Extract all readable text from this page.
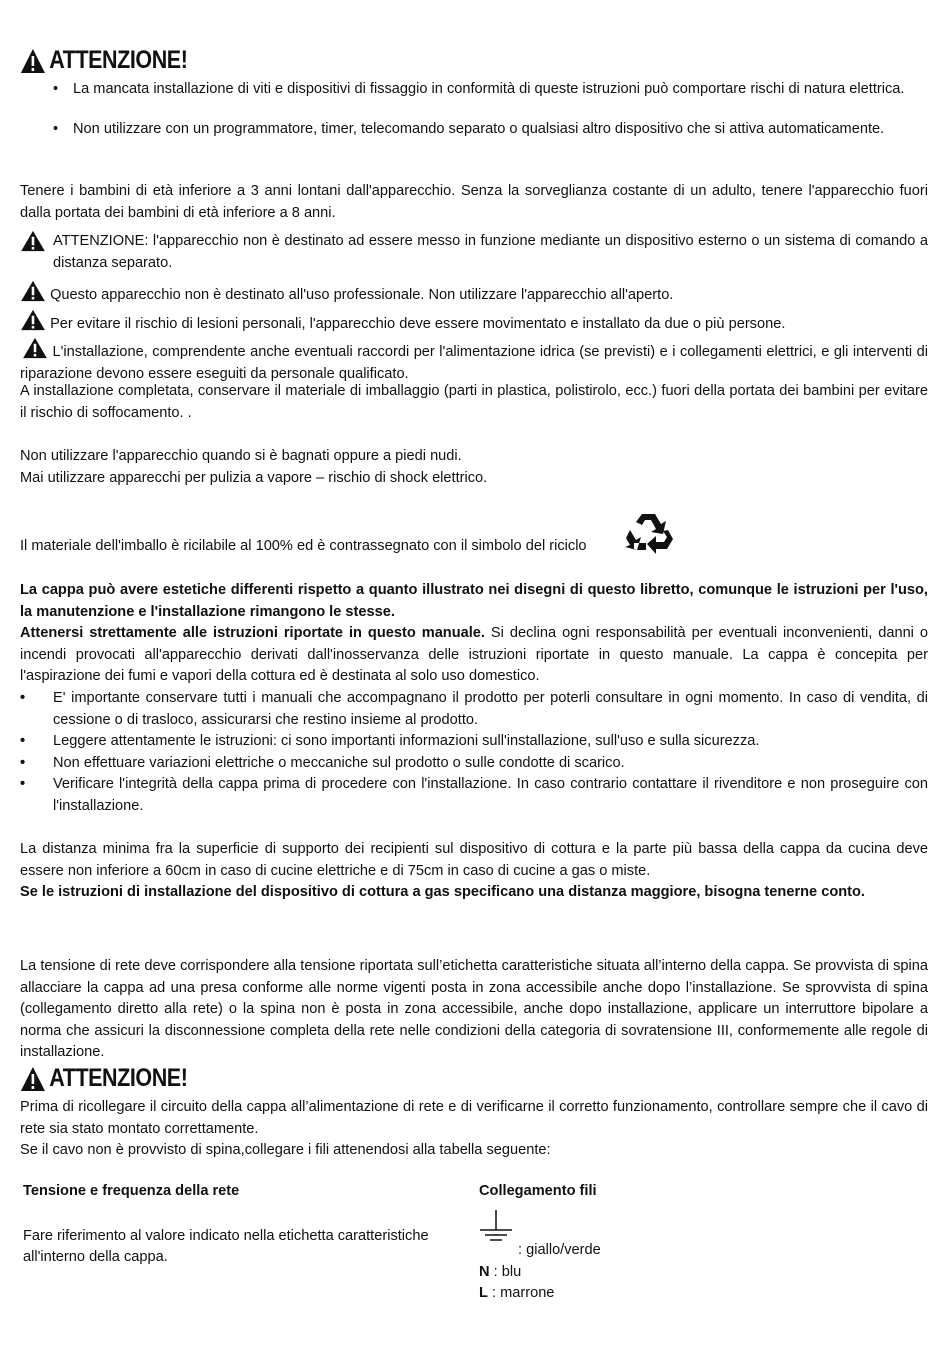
ATTENZIONE!
• La mancata installazione di viti e dispositivi di fissaggio in conformità di queste istruzioni può comportare rischi di natura elettrica.
• Non utilizzare con un programmatore, timer, telecomando separato o qualsiasi altro dispositivo che si attiva automaticamente.

Tenere i bambini di età inferiore a 3 anni lontani dall'apparecchio. Senza la sorveglianza costante di un adulto, tenere l'apparecchio fuori dalla portata dei bambini di età inferiore a 8 anni.

ATTENZIONE: l'apparecchio non è destinato ad essere messo in funzione mediante un dispositivo esterno o un sistema di comando a distanza separato.
Questo apparecchio non è destinato all'uso professionale. Non utilizzare l'apparecchio all'aperto.
Per evitare il rischio di lesioni personali, l'apparecchio deve essere movimentato e installato da due o più persone.
L'installazione, comprendente anche eventuali raccordi per l'alimentazione idrica (se previsti) e i collegamenti elettrici, e gli interventi di riparazione devono essere eseguiti da personale qualificato.

A installazione completata, conservare il materiale di imballaggio (parti in plastica, polistirolo, ecc.) fuori della portata dei bambini per evitare il rischio di soffocamento. .

Non utilizzare l'apparecchio quando si è bagnati oppure a piedi nudi.

Mai utilizzare apparecchi per pulizia a vapore – rischio di shock elettrico.

Il materiale dell'imballo è ricilabile al 100% ed è contrassegnato con il simbolo del riciclo

La cappa può avere estetiche differenti rispetto a quanto illustrato nei disegni di questo libretto, comunque le istruzioni per l'uso, la manutenzione e l'installazione rimangono le stesse.

Attenersi strettamente alle istruzioni riportate in questo manuale. Si declina ogni responsabilità per eventuali inconvenienti, danni o incendi provocati all'apparecchio derivati dall'inosservanza delle istruzioni riportate in questo manuale. La cappa è concepita per l'aspirazione dei fumi e vapori della cottura ed è destinata al solo uso domestico.

• E' importante conservare tutti i manuali che accompagnano il prodotto per poterli consultare in ogni momento. In caso di vendita, di cessione o di trasloco, assicurarsi che restino insieme al prodotto.
• Leggere attentamente le istruzioni: ci sono importanti informazioni sull'installazione, sull'uso e sulla sicurezza.
• Non effettuare variazioni elettriche o meccaniche sul prodotto o sulle condotte di scarico.
• Verificare l'integrità della cappa prima di procedere con l'installazione. In caso contrario contattare il rivenditore e non proseguire con l'installazione.

La distanza minima fra la superficie di supporto dei recipienti sul dispositivo di cottura e la parte più bassa della cappa da cucina deve essere non inferiore a 60cm in caso di cucine elettriche e di 75cm in caso di cucine a gas o miste.

Se le istruzioni di installazione del dispositivo di cottura a gas specificano una distanza maggiore, bisogna tenerne conto.

La tensione di rete deve corrispondere alla tensione riportata sull’etichetta caratteristiche situata all’interno della cappa. Se provvista di spina allacciare la cappa ad una presa conforme alle norme vigenti posta in zona accessibile anche dopo l’installazione. Se sprovvista di spina (collegamento diretto alla rete) o la spina non è posta in zona accessibile, anche dopo installazione, applicare un interruttore bipolare a norma che assicuri la disconnessione completa della rete nelle condizioni della categoria di sovratensione III, conformemente alle regole di installazione.

ATTENZIONE!

Prima di ricollegare il circuito della cappa all’alimentazione di rete e di verificarne il corretto funzionamento, controllare sempre che il cavo di rete sia stato montato correttamente.

Se il cavo non è provvisto di spina,collegare i fili attenendosi alla tabella seguente:

Tensione e frequenza della rete	Collegamento fili
Fare riferimento al valore indicato nella etichetta caratteristiche all'interno della cappa.	: giallo/verde
N : blu
L : marrone
